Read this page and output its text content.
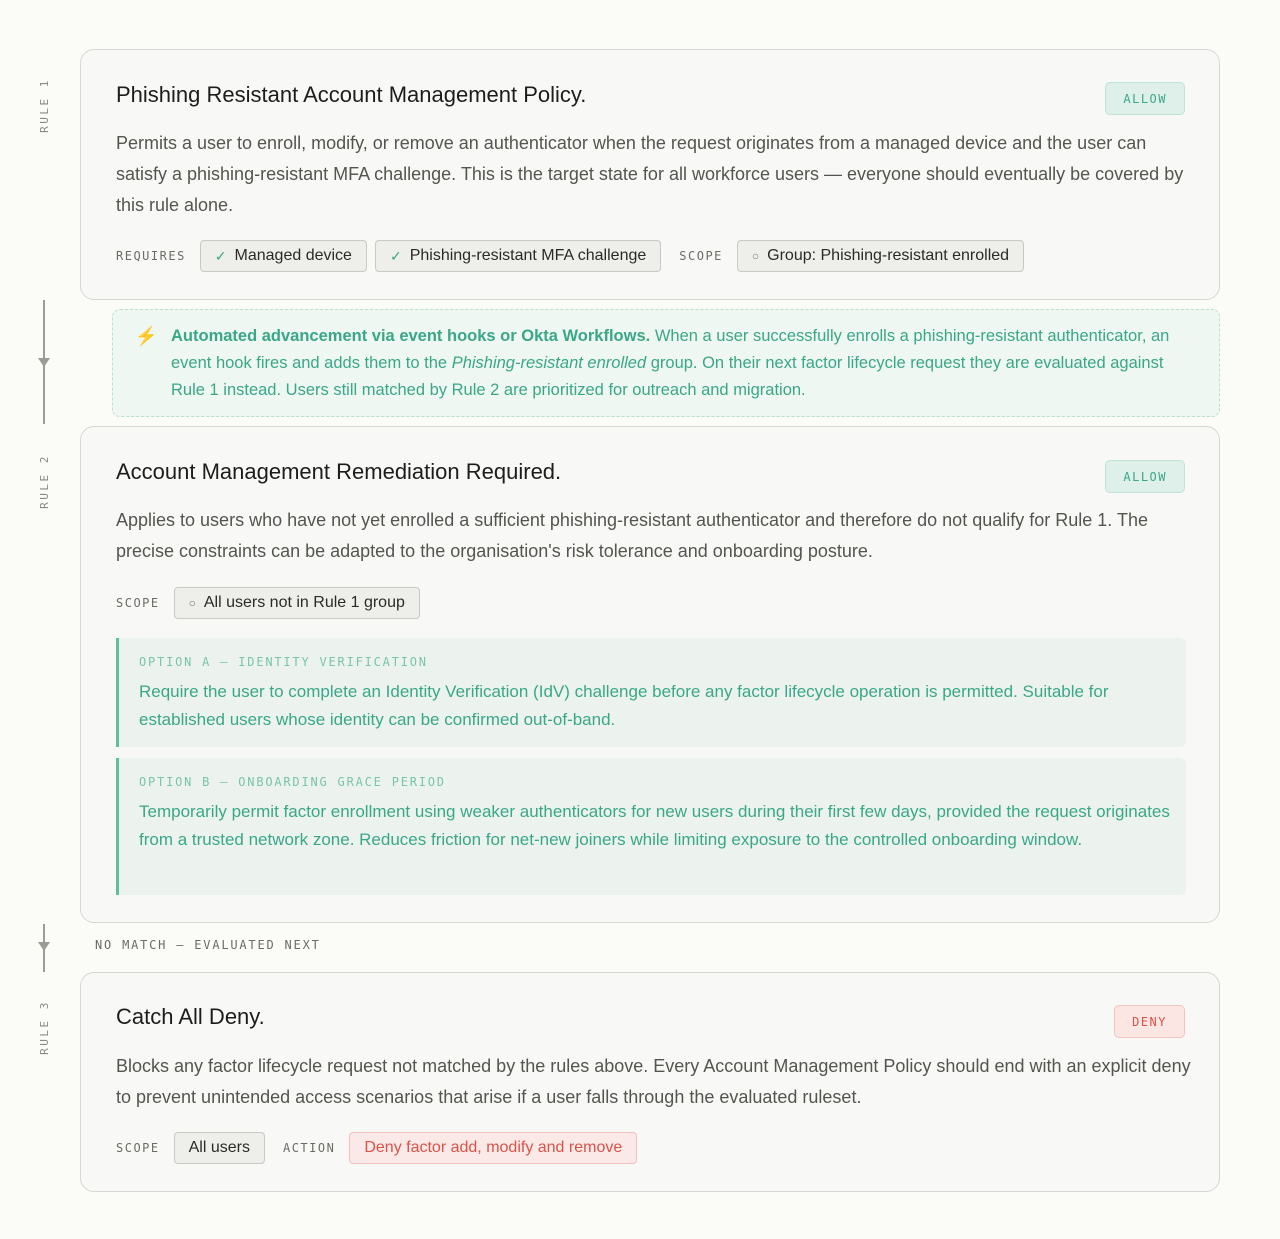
RULE 1
RULE 2
RULE 3
Phishing Resistant Account Management Policy.	ALLOW
Permits a user to enroll, modify, or remove an authenticator when the request originates from a managed device and the user can satisfy a phishing-resistant MFA challenge. This is the target state for all workforce users — everyone should eventually be covered by this rule alone.
REQUIRES ✓ Managed device	✓ Phishing-resistant MFA challenge	SCOPE ○ Group: Phishing-resistant enrolled
⚡ Automated advancement via event hooks or Okta Workflows. When a user successfully enrolls a phishing-resistant authenticator, an event hook fires and adds them to the Phishing-resistant enrolled group. On their next factor lifecycle request they are evaluated against Rule 1 instead. Users still matched by Rule 2 are prioritized for outreach and migration.
Account Management Remediation Required.	ALLOW
Applies to users who have not yet enrolled a sufficient phishing-resistant authenticator and therefore do not qualify for Rule 1. The precise constraints can be adapted to the organisation's risk tolerance and onboarding posture.
SCOPE ○ All users not in Rule 1 group
OPTION A — IDENTITY VERIFICATION
Require the user to complete an Identity Verification (IdV) challenge before any factor lifecycle operation is permitted. Suitable for established users whose identity can be confirmed out-of-band.
OPTION B — ONBOARDING GRACE PERIOD
Temporarily permit factor enrollment using weaker authenticators for new users during their first few days, provided the request originates from a trusted network zone. Reduces friction for net-new joiners while limiting exposure to the controlled onboarding window.
NO MATCH — EVALUATED NEXT
Catch All Deny.	DENY
Blocks any factor lifecycle request not matched by the rules above. Every Account Management Policy should end with an explicit deny to prevent unintended access scenarios that arise if a user falls through the evaluated ruleset.
SCOPE	All users	ACTION	Deny factor add, modify and remove
